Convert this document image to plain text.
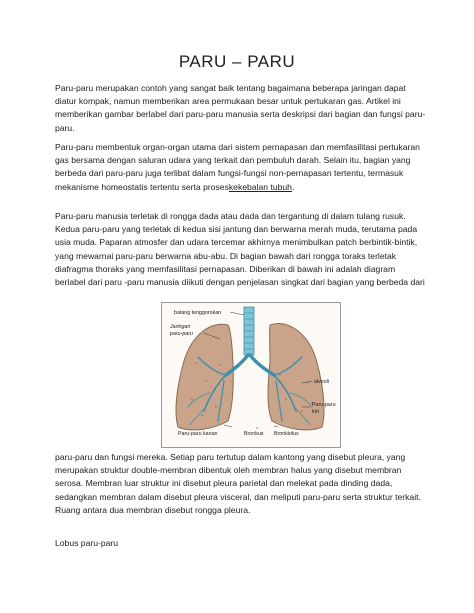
PARU – PARU

Paru-paru merupakan contoh yang sangat baik tentang bagaimana beberapa jaringan dapat diatur kompak, namun memberikan area permukaan besar untuk pertukaran gas. Artikel ini memberikan gambar berlabel dari paru-paru manusia serta deskripsi dari bagian dan fungsi paru-paru.

Paru-paru membentuk organ-organ utama dari sistem pernapasan dan memfasilitasi pertukaran gas bersama dengan saluran udara yang terkait dan pembuluh darah. Selain itu, bagian yang berbeda dari paru-paru juga terlibat dalam fungsi-fungsi non-pernapasan tertentu, termasuk mekanisme homeostatis tertentu serta proseskekebalan tubuh.

Paru-paru manusia terletak di rongga dada atau dada dan tergantung di dalam tulang rusuk. Kedua paru-paru yang terletak di kedua sisi jantung dan berwarna merah muda, terutama pada usia muda. Paparan atmosfer dan udara tercemar akhirnya menimbulkan patch berbintik-bintik, yang mewarnai paru-paru berwarna abu-abu. Di bagian bawah dari rongga toraks terletak diafragma thoraks yang memfasilitasi pernapasan. Diberikan di bawah ini adalah diagram berlabel dari paru -paru manusia diikuti dengan penjelasan singkat dari bagian yang berbeda dari

batang tenggorokan
Jaringan
paru-paru
alveoli
Paru-paru
kiri
Paru-paru kanan	Bronkus Bronkiolus

paru-paru dan fungsi mereka. Setiap paru tertutup dalam kantong yang disebut pleura, yang merupakan struktur double-membran dibentuk oleh membran halus yang disebut membran serosa. Membran luar struktur ini disebut pleura parietal dan melekat pada dinding dada, sedangkan membran dalam disebut pleura visceral, dan meliputi paru-paru serta struktur terkait. Ruang antara dua membran disebut rongga pleura.

Lobus paru-paru
